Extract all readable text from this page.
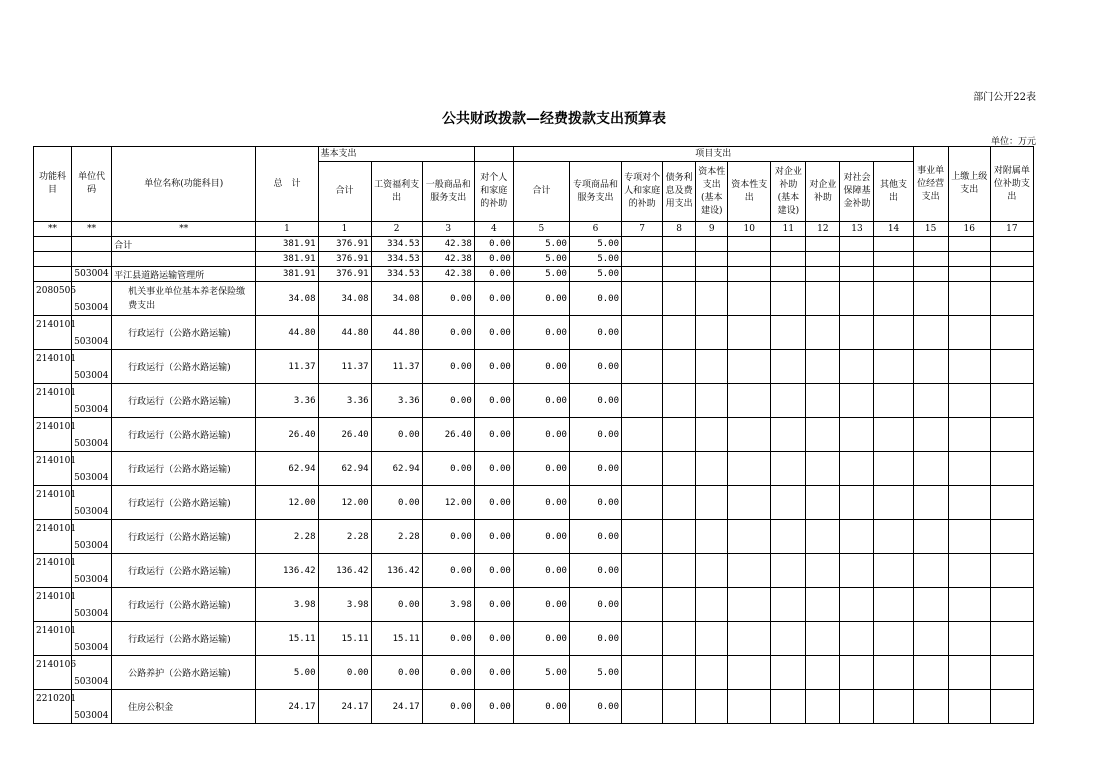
部门公开22表
公共财政拨款—经费拨款支出预算表
单位：万元
功能科目	单位代码	单位名称(功能科目)	总　计	基本支出				项目支出										事业单位经营支出	上缴上级支出	对附属单位补助支出
				合计	工资福利支出	一般商品和服务支出	对个人和家庭的补助	合计	专项商品和服务支出	专项对个人和家庭的补助	债务利息及费用支出	资本性支出(基本建设)	资本性支出	对企业补助(基本建设)	对企业补助	对社会保障基金补助	其他支出			
**	**	**	1	1	2	3	4	5	6	7	8	9	10	11	12	13	14	15	16	17
		合计	381.91	376.91	334.53	42.38	0.00	5.00	5.00											
			381.91	376.91	334.53	42.38	0.00	5.00	5.00											
	503004	平江县道路运输管理所	381.91	376.91	334.53	42.38	0.00	5.00	5.00											
2080505	503004	机关事业单位基本养老保险缴费支出	34.08	34.08	34.08	0.00	0.00	0.00	0.00											
2140101	503004	行政运行（公路水路运输)	44.80	44.80	44.80	0.00	0.00	0.00	0.00											
2140101	503004	行政运行（公路水路运输)	11.37	11.37	11.37	0.00	0.00	0.00	0.00											
2140101	503004	行政运行（公路水路运输)	3.36	3.36	3.36	0.00	0.00	0.00	0.00											
2140101	503004	行政运行（公路水路运输)	26.40	26.40	0.00	26.40	0.00	0.00	0.00											
2140101	503004	行政运行（公路水路运输)	62.94	62.94	62.94	0.00	0.00	0.00	0.00											
2140101	503004	行政运行（公路水路运输)	12.00	12.00	0.00	12.00	0.00	0.00	0.00											
2140101	503004	行政运行（公路水路运输)	2.28	2.28	2.28	0.00	0.00	0.00	0.00											
2140101	503004	行政运行（公路水路运输)	136.42	136.42	136.42	0.00	0.00	0.00	0.00											
2140101	503004	行政运行（公路水路运输)	3.98	3.98	0.00	3.98	0.00	0.00	0.00											
2140101	503004	行政运行（公路水路运输)	15.11	15.11	15.11	0.00	0.00	0.00	0.00											
2140106	503004	公路养护（公路水路运输)	5.00	0.00	0.00	0.00	0.00	5.00	5.00											
2210201	503004	住房公积金	24.17	24.17	24.17	0.00	0.00	0.00	0.00											
